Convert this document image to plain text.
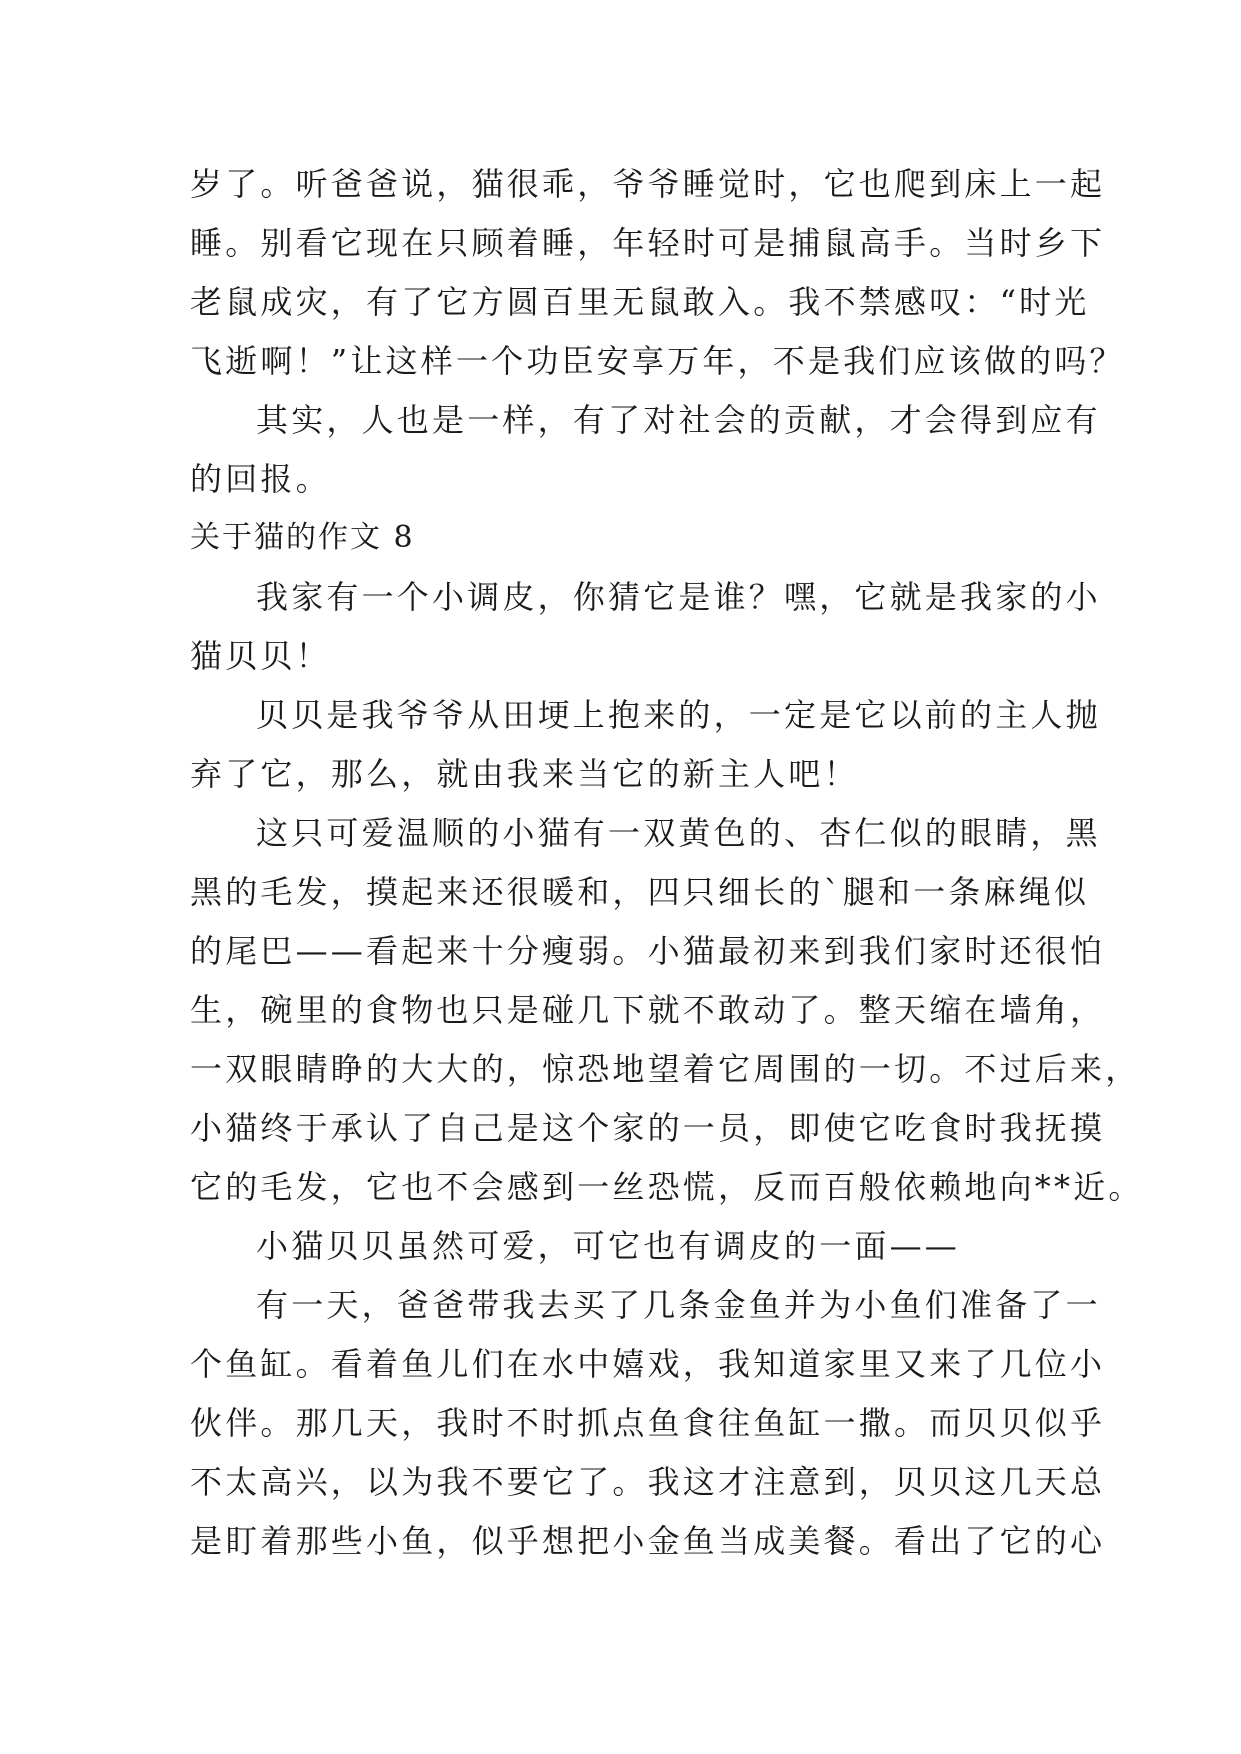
岁了。听爸爸说，猫很乖，爷爷睡觉时，它也爬到床上一起
睡。别看它现在只顾着睡，年轻时可是捕鼠高手。当时乡下
老鼠成灾，有了它方圆百里无鼠敢入。我不禁感叹：“时光
飞逝啊！”让这样一个功臣安享万年，不是我们应该做的吗？
其实，人也是一样，有了对社会的贡献，才会得到应有
的回报。
关于猫的作文 8
我家有一个小调皮，你猜它是谁？嘿，它就是我家的小
猫贝贝！
贝贝是我爷爷从田埂上抱来的，一定是它以前的主人抛
弃了它，那么，就由我来当它的新主人吧！
这只可爱温顺的小猫有一双黄色的、杏仁似的眼睛，黑
黑的毛发，摸起来还很暖和，四只细长的`腿和一条麻绳似
的尾巴——看起来十分瘦弱。小猫最初来到我们家时还很怕
生，碗里的食物也只是碰几下就不敢动了。整天缩在墙角，
一双眼睛睁的大大的，惊恐地望着它周围的一切。不过后来，
小猫终于承认了自己是这个家的一员，即使它吃食时我抚摸
它的毛发，它也不会感到一丝恐慌，反而百般依赖地向**近。
小猫贝贝虽然可爱，可它也有调皮的一面——
有一天，爸爸带我去买了几条金鱼并为小鱼们准备了一
个鱼缸。看着鱼儿们在水中嬉戏，我知道家里又来了几位小
伙伴。那几天，我时不时抓点鱼食往鱼缸一撒。而贝贝似乎
不太高兴，以为我不要它了。我这才注意到，贝贝这几天总
是盯着那些小鱼，似乎想把小金鱼当成美餐。看出了它的心
